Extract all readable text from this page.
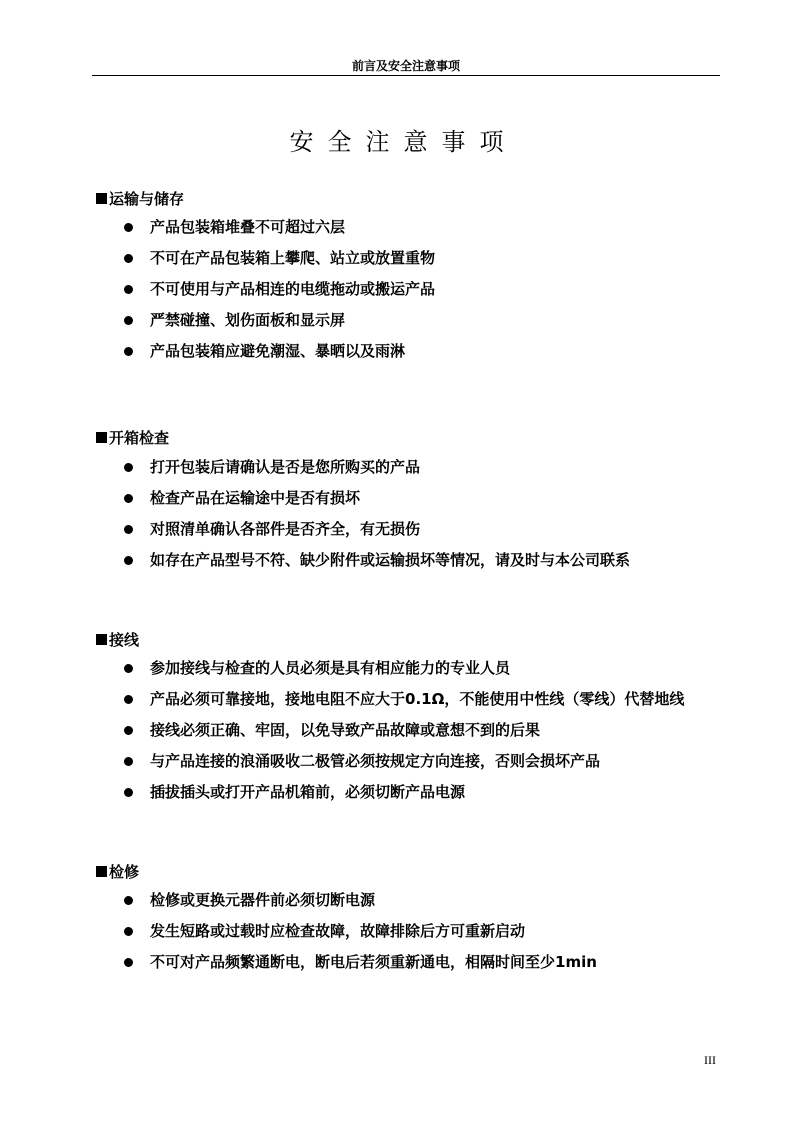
前言及安全注意事项
安全注意事项
运输与储存
产品包装箱堆叠不可超过六层
不可在产品包装箱上攀爬、站立或放置重物
不可使用与产品相连的电缆拖动或搬运产品
严禁碰撞、划伤面板和显示屏
产品包装箱应避免潮湿、暴晒以及雨淋
开箱检查
打开包装后请确认是否是您所购买的产品
检查产品在运输途中是否有损坏
对照清单确认各部件是否齐全，有无损伤
如存在产品型号不符、缺少附件或运输损坏等情况，请及时与本公司联系
接线
参加接线与检查的人员必须是具有相应能力的专业人员
产品必须可靠接地，接地电阻不应大于0.1Ω，不能使用中性线（零线）代替地线
接线必须正确、牢固，以免导致产品故障或意想不到的后果
与产品连接的浪涌吸收二极管必须按规定方向连接，否则会损坏产品
插拔插头或打开产品机箱前，必须切断产品电源
检修
检修或更换元器件前必须切断电源
发生短路或过载时应检查故障，故障排除后方可重新启动
不可对产品频繁通断电，断电后若须重新通电，相隔时间至少1min
III
